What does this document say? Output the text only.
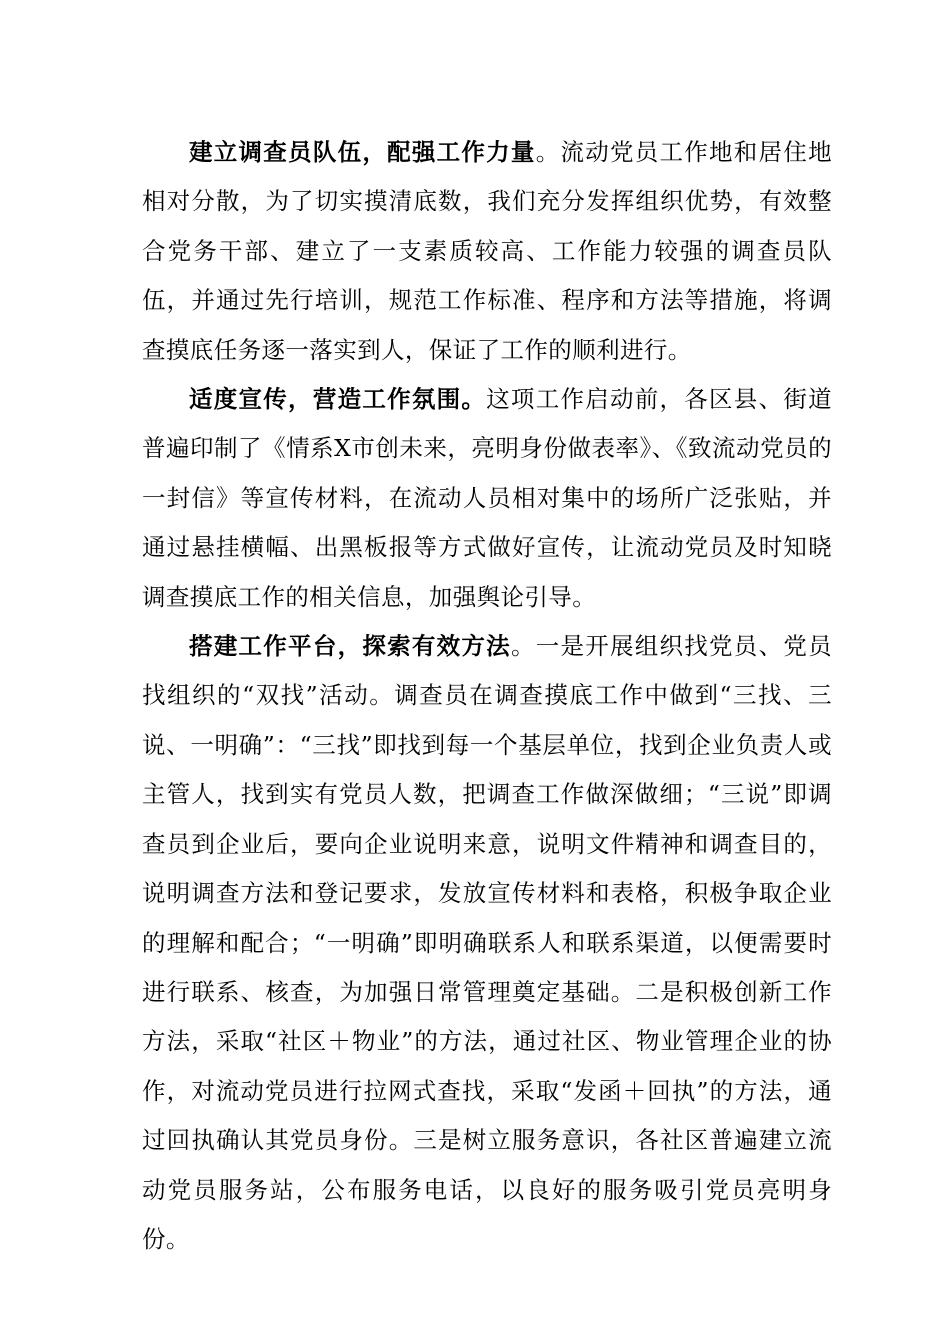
建立调查员队伍，配强工作力量。流动党员工作地和居住地相对分散，为了切实摸清底数，我们充分发挥组织优势，有效整合党务干部、建立了一支素质较高、工作能力较强的调查员队伍，并通过先行培训，规范工作标准、程序和方法等措施，将调查摸底任务逐一落实到人，保证了工作的顺利进行。

适度宣传，营造工作氛围。这项工作启动前，各区县、街道普遍印制了《情系X市创未来，亮明身份做表率》、《致流动党员的一封信》等宣传材料，在流动人员相对集中的场所广泛张贴，并通过悬挂横幅、出黑板报等方式做好宣传，让流动党员及时知晓调查摸底工作的相关信息，加强舆论引导。

搭建工作平台，探索有效方法。一是开展组织找党员、党员找组织的“双找”活动。调查员在调查摸底工作中做到“三找、三说、一明确”：“三找”即找到每一个基层单位，找到企业负责人或主管人，找到实有党员人数，把调查工作做深做细；“三说”即调查员到企业后，要向企业说明来意，说明文件精神和调查目的，说明调查方法和登记要求，发放宣传材料和表格，积极争取企业的理解和配合；“一明确”即明确联系人和联系渠道，以便需要时进行联系、核查，为加强日常管理奠定基础。二是积极创新工作方法，采取“社区＋物业”的方法，通过社区、物业管理企业的协作，对流动党员进行拉网式查找，采取“发函＋回执”的方法，通过回执确认其党员身份。三是树立服务意识，各社区普遍建立流动党员服务站，公布服务电话，以良好的服务吸引党员亮明身份。
